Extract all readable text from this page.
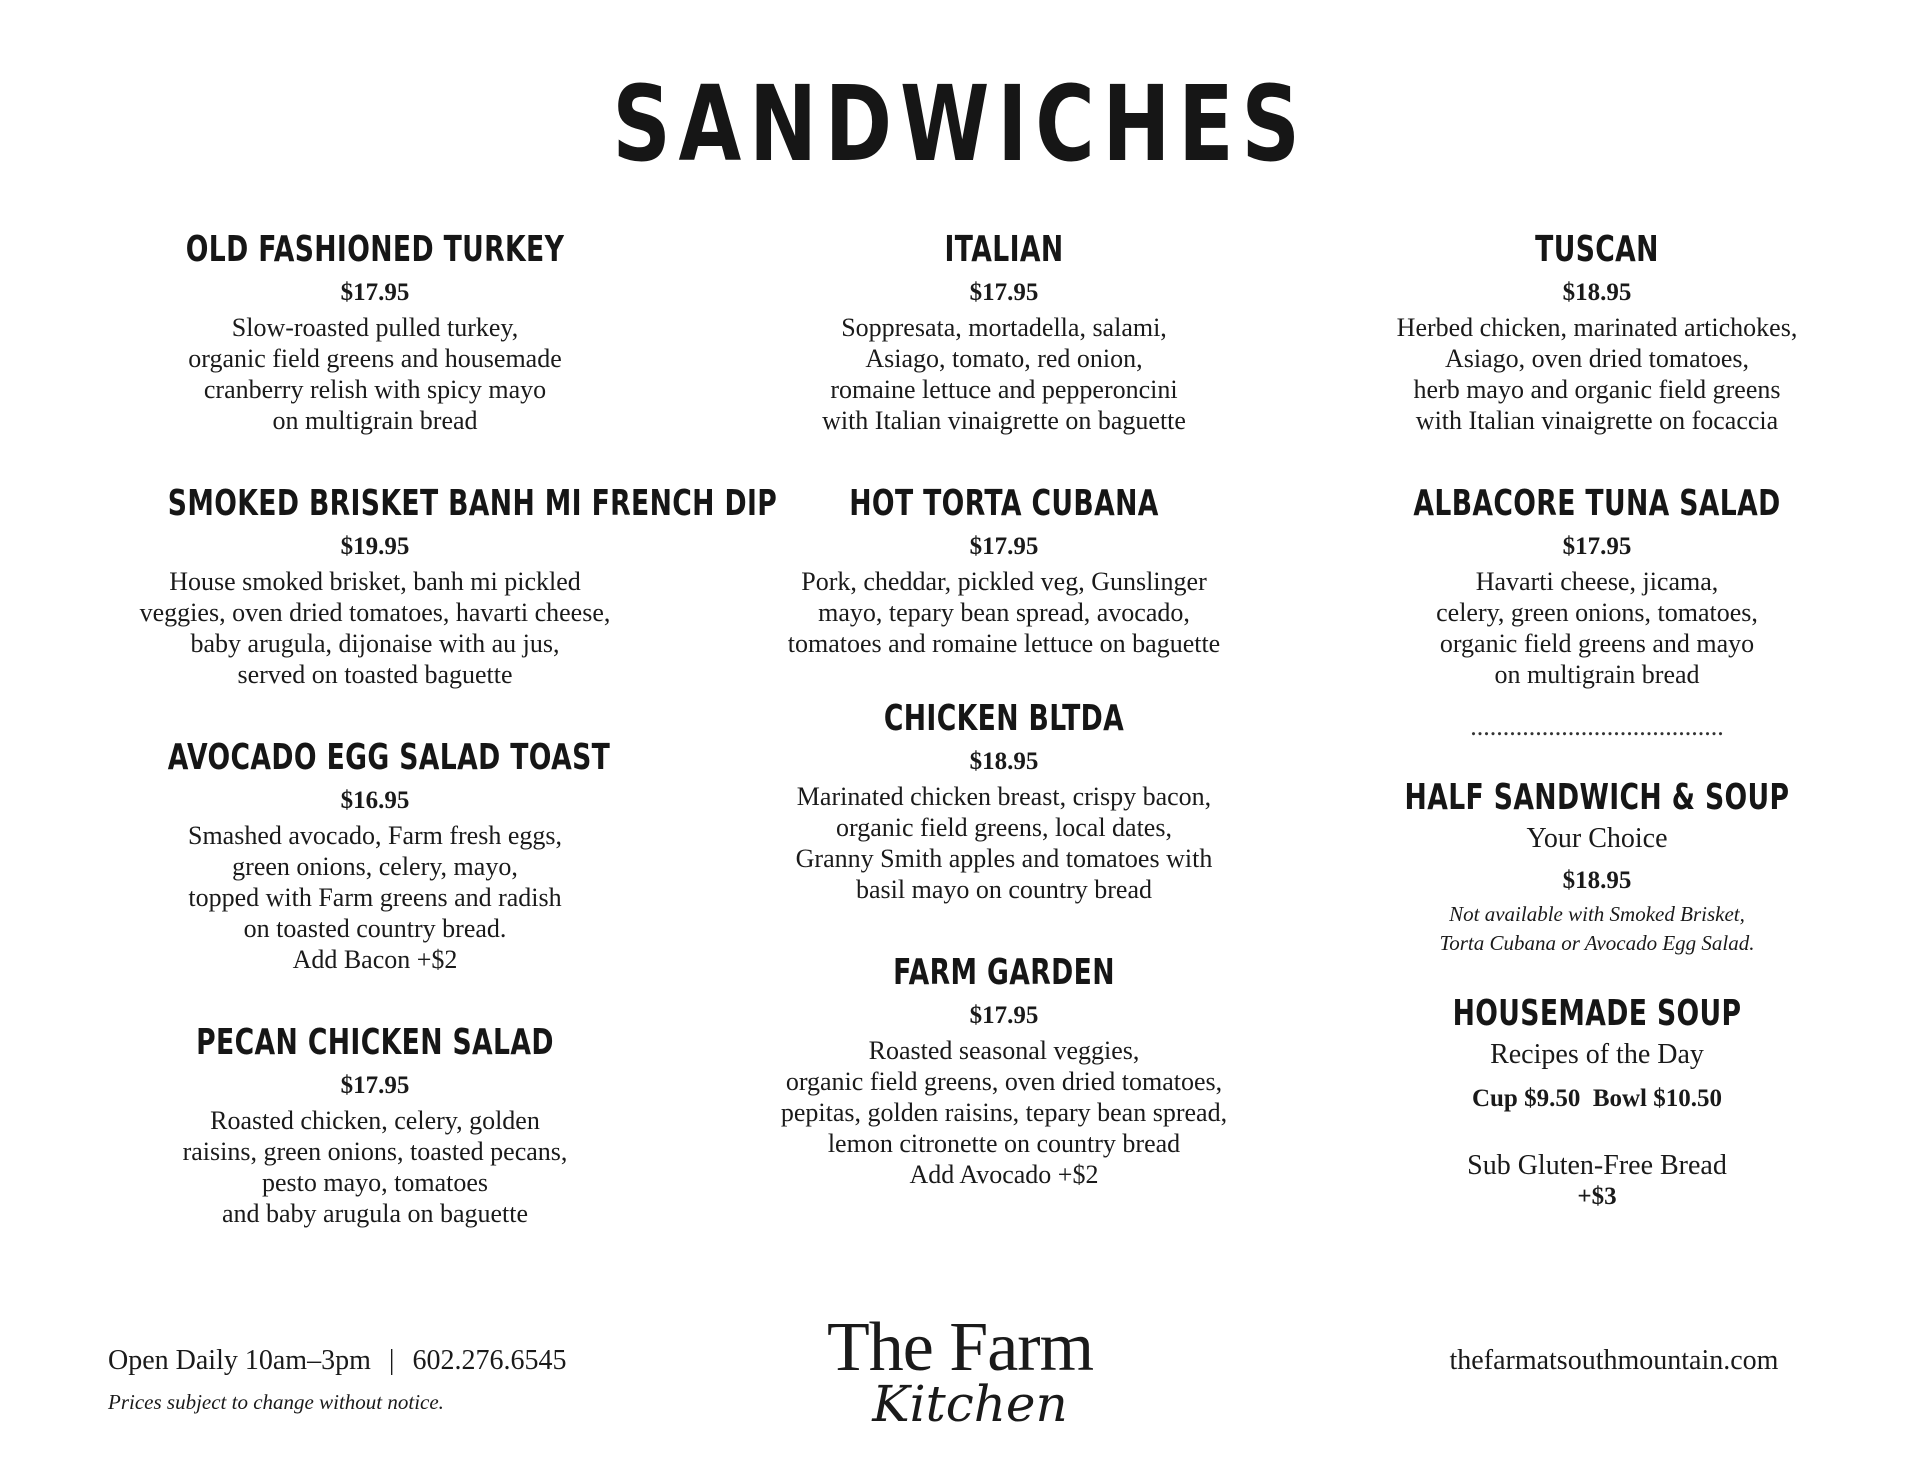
SANDWICHES
OLD FASHIONED TURKEY
$17.95
Slow-roasted pulled turkey,
organic field greens and housemade
cranberry relish with spicy mayo
on multigrain bread
SMOKED BRISKET BANH MI FRENCH DIP
$19.95
House smoked brisket, banh mi pickled
veggies, oven dried tomatoes, havarti cheese,
baby arugula, dijonaise with au jus,
served on toasted baguette
AVOCADO EGG SALAD TOAST
$16.95
Smashed avocado, Farm fresh eggs,
green onions, celery, mayo,
topped with Farm greens and radish
on toasted country bread.
Add Bacon +$2
PECAN CHICKEN SALAD
$17.95
Roasted chicken, celery, golden
raisins, green onions, toasted pecans,
pesto mayo, tomatoes
and baby arugula on baguette
ITALIAN
$17.95
Soppresata, mortadella, salami,
Asiago, tomato, red onion,
romaine lettuce and pepperoncini
with Italian vinaigrette on baguette
HOT TORTA CUBANA
$17.95
Pork, cheddar, pickled veg, Gunslinger
mayo, tepary bean spread, avocado,
tomatoes and romaine lettuce on baguette
CHICKEN BLTDA
$18.95
Marinated chicken breast, crispy bacon,
organic field greens, local dates,
Granny Smith apples and tomatoes with
basil mayo on country bread
FARM GARDEN
$17.95
Roasted seasonal veggies,
organic field greens, oven dried tomatoes,
pepitas, golden raisins, tepary bean spread,
lemon citronette on country bread
Add Avocado +$2
TUSCAN
$18.95
Herbed chicken, marinated artichokes,
Asiago, oven dried tomatoes,
herb mayo and organic field greens
with Italian vinaigrette on focaccia
ALBACORE TUNA SALAD
$17.95
Havarti cheese, jicama,
celery, green onions, tomatoes,
organic field greens and mayo
on multigrain bread
.......................................
HALF SANDWICH & SOUP
Your Choice
$18.95
Not available with Smoked Brisket,
Torta Cubana or Avocado Egg Salad.
HOUSEMADE SOUP
Recipes of the Day
Cup $9.50  Bowl $10.50
Sub Gluten-Free Bread
+$3
Open Daily 10am–3pm | 602.276.6545
Prices subject to change without notice.
The Farm
Kitchen
thefarmatsouthmountain.com
